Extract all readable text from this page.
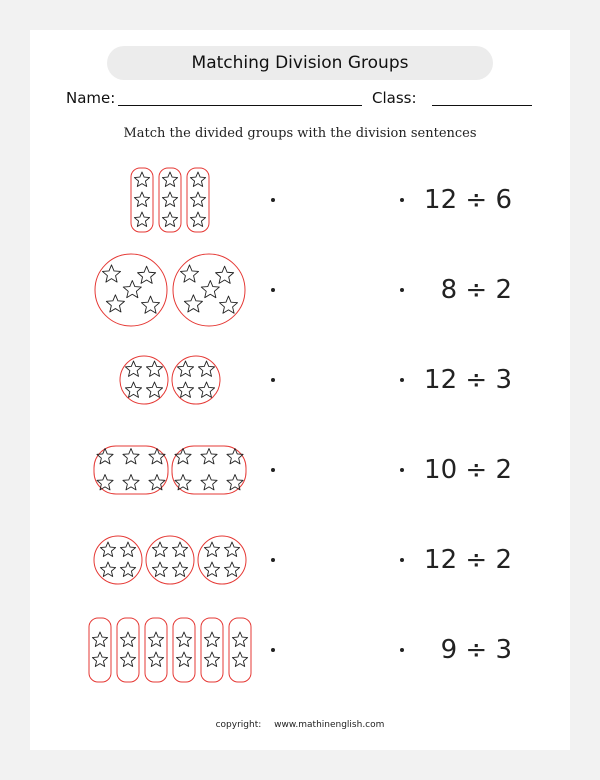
Matching Division Groups
Name:	Class:
Match the divided groups with the division sentences
12 ÷ 6
8 ÷ 2
12 ÷ 3
10 ÷ 2
12 ÷ 2
9 ÷ 3
copyright: www.mathinenglish.com
